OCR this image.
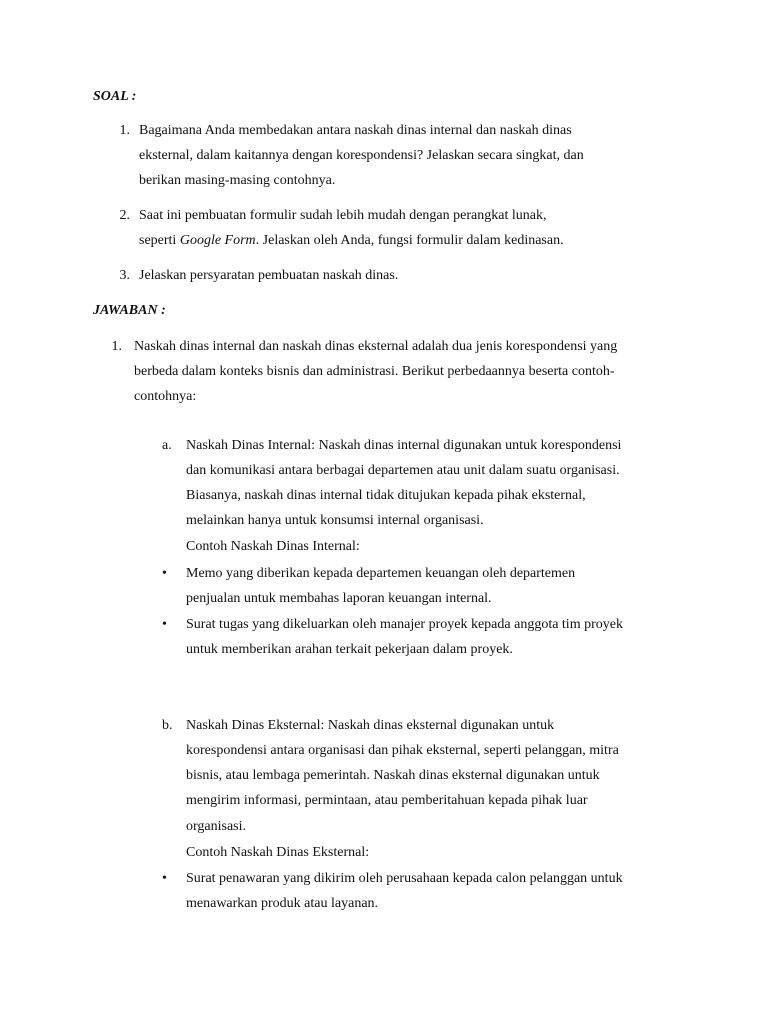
SOAL :
1. Bagaimana Anda membedakan antara naskah dinas internal dan naskah dinas
eksternal, dalam kaitannya dengan korespondensi? Jelaskan secara singkat, dan
berikan masing-masing contohnya.
2. Saat ini pembuatan formulir sudah lebih mudah dengan perangkat lunak,
seperti Google Form. Jelaskan oleh Anda, fungsi formulir dalam kedinasan.
3. Jelaskan persyaratan pembuatan naskah dinas.
JAWABAN :
1. Naskah dinas internal dan naskah dinas eksternal adalah dua jenis korespondensi yang
berbeda dalam konteks bisnis dan administrasi. Berikut perbedaannya beserta contoh-
contohnya:
a. Naskah Dinas Internal: Naskah dinas internal digunakan untuk korespondensi
dan komunikasi antara berbagai departemen atau unit dalam suatu organisasi.
Biasanya, naskah dinas internal tidak ditujukan kepada pihak eksternal,
melainkan hanya untuk konsumsi internal organisasi.
Contoh Naskah Dinas Internal:
• Memo yang diberikan kepada departemen keuangan oleh departemen
penjualan untuk membahas laporan keuangan internal.
• Surat tugas yang dikeluarkan oleh manajer proyek kepada anggota tim proyek
untuk memberikan arahan terkait pekerjaan dalam proyek.
b. Naskah Dinas Eksternal: Naskah dinas eksternal digunakan untuk
korespondensi antara organisasi dan pihak eksternal, seperti pelanggan, mitra
bisnis, atau lembaga pemerintah. Naskah dinas eksternal digunakan untuk
mengirim informasi, permintaan, atau pemberitahuan kepada pihak luar
organisasi.
Contoh Naskah Dinas Eksternal:
• Surat penawaran yang dikirim oleh perusahaan kepada calon pelanggan untuk
menawarkan produk atau layanan.
